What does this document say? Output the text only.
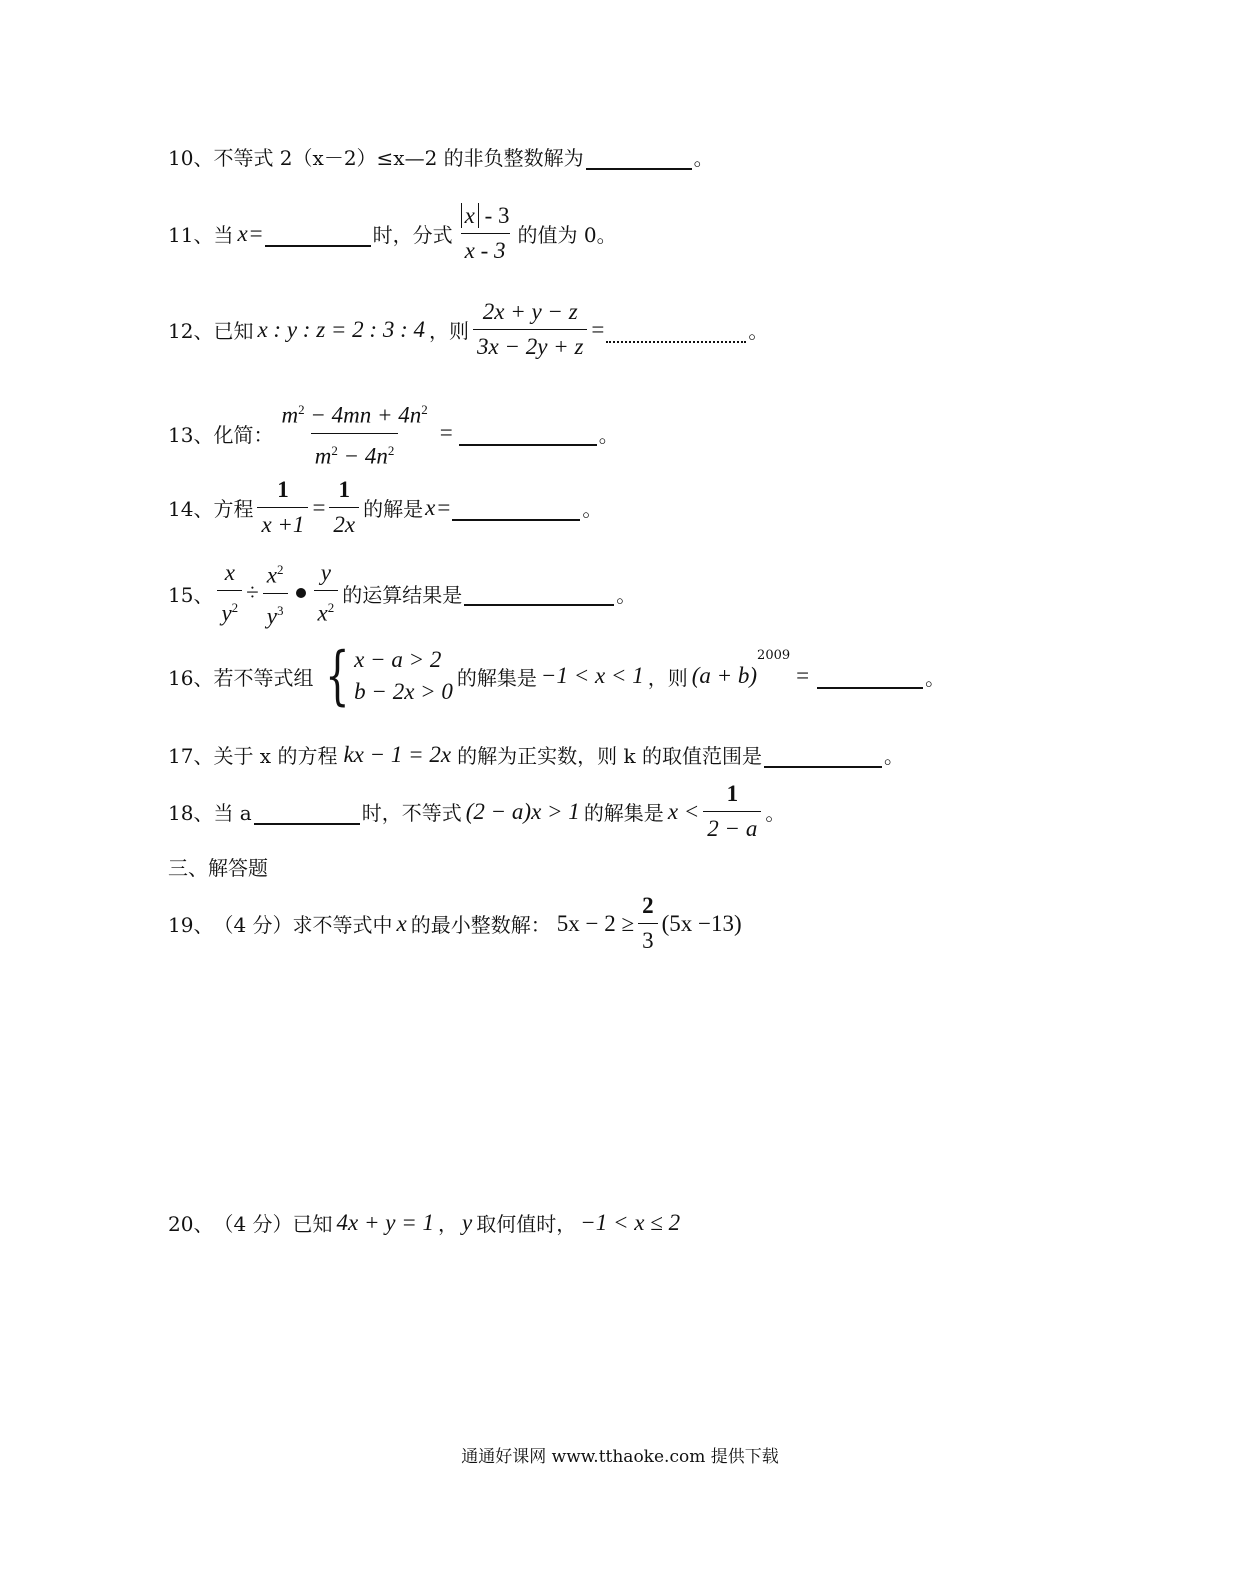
10、 不等式 2（x－2）≤x—2 的非负整数解为	。
11、 当 x =	时，分式 $\frac{x - 3}{x - 3}$ 的值为 0。
12、 已知 x : y : z = 2 : 3 : 4 ，则 $\frac{2x + y - z}{3x - 2y + z}$ =	。
13、 化简： $\frac{m^2 - 4mn + 4n^2}{m^2 - 4n^2}$ =	。
14、 方程 $\frac{1}{x +1} = \frac{1}{2x}$ 的解是 x =	。
15、 $\frac{x}{y^2} \div \frac{x^2}{y^3} \frac{y}{x^2}$ 的运算结果是	。
16、 若不等式组 { x − a > 2
b − 2x > 0
的解集是 −1 < x < 1 ，则 (a + b)
2009
=	。
17、 关于 x 的方程 kx − 1 = 2x 的解为正实数，则 k 的取值范围是	。
18、 当 a	时，不等式 (2 − a)x > 1 的解集是 $x < \frac{1}{2 - a}$ 。
三、解答题
19、 （4 分）求不等式中 x 的最小整数解： $5x - 2 \ge \frac{2}{3} (5x -13)$
20、 （4 分）已知 4x + y = 1 ， y 取何值时， −1 < x ≤ 2
通通好课网 www.tthaoke.com 提供下载
